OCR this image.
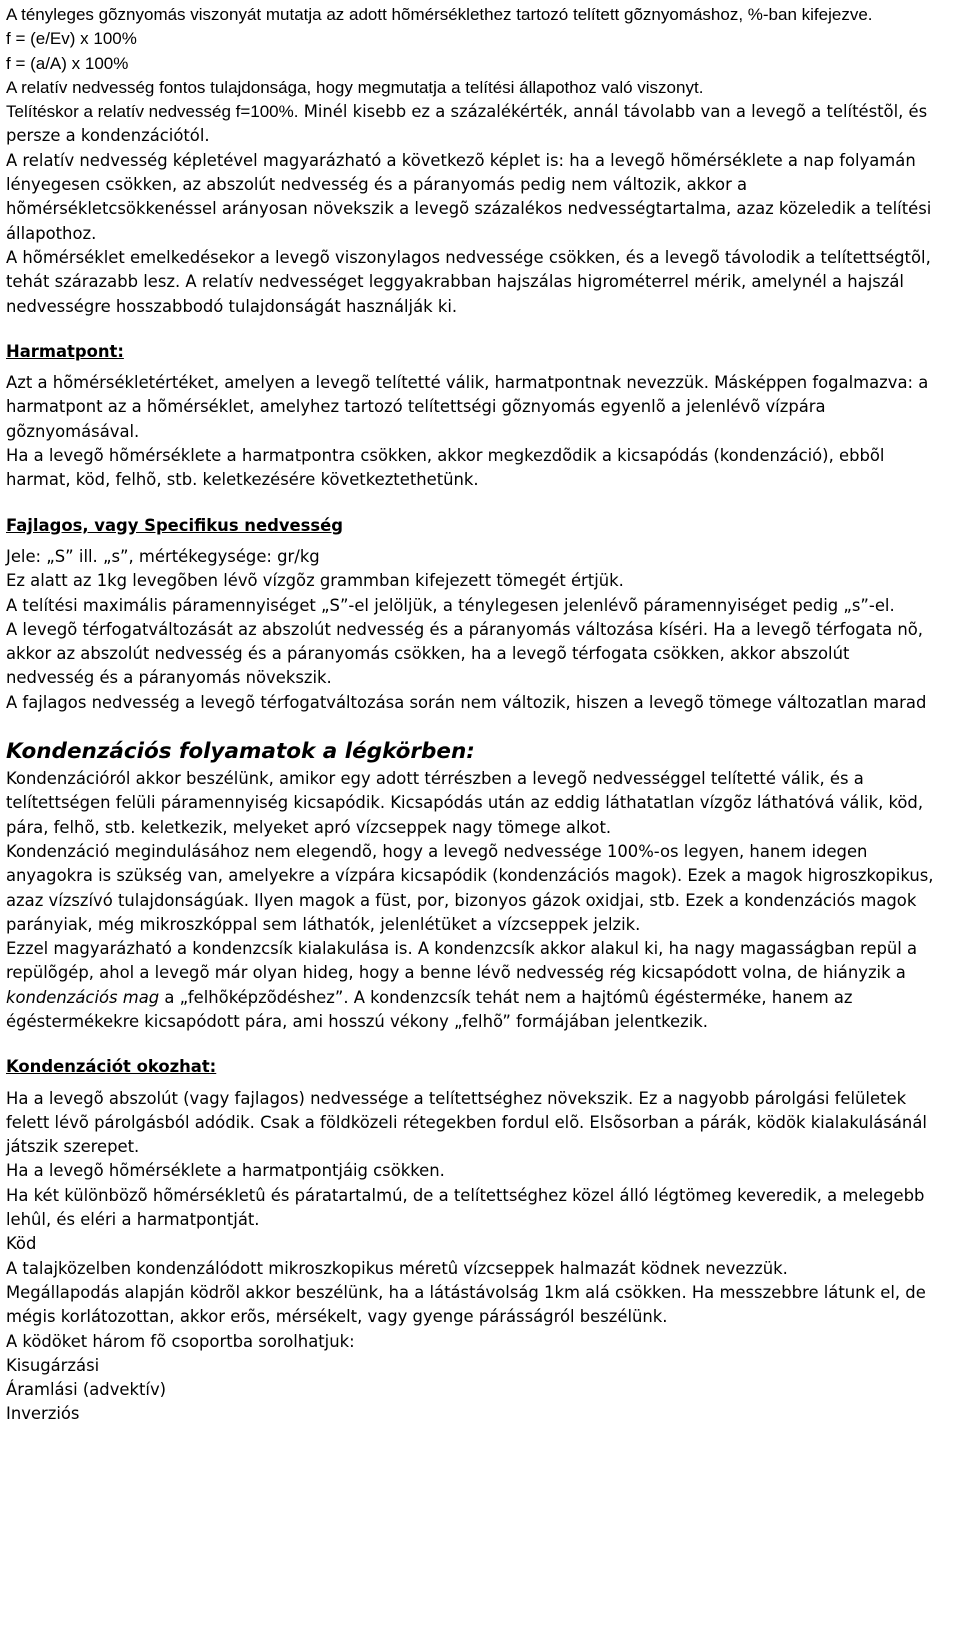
A tényleges gõznyomás viszonyát mutatja az adott hõmérséklethez tartozó telített gõznyomáshoz, %-ban kifejezve.

f = (e/Ev) x 100%

f = (a/A) x 100%

A relatív nedvesség fontos tulajdonsága, hogy megmutatja a telítési állapothoz való viszonyt.

Telítéskor a relatív nedvesség f=100%. Minél kisebb ez a százalékérték, annál távolabb van a levegõ a telítéstõl, és persze a kondenzációtól.

A relatív nedvesség képletével magyarázható a következõ képlet is: ha a levegõ hõmérséklete a nap folyamán lényegesen csökken, az abszolút nedvesség és a páranyomás pedig nem változik, akkor a hõmérsékletcsökkenéssel arányosan növekszik a levegõ százalékos nedvességtartalma, azaz közeledik a telítési állapothoz.

A hõmérséklet emelkedésekor a levegõ viszonylagos nedvessége csökken, és a levegõ távolodik a telítettségtõl, tehát szárazabb lesz. A relatív nedvességet leggyakrabban hajszálas higrométerrel mérik, amelynél a hajszál nedvességre hosszabbodó tulajdonságát használják ki.

Harmatpont:

Azt a hõmérsékletértéket, amelyen a levegõ telítetté válik, harmatpontnak nevezzük. Másképpen fogalmazva: a harmatpont az a hõmérséklet, amelyhez tartozó telítettségi gõznyomás egyenlõ a jelenlévõ vízpára gõznyomásával.

Ha a levegõ hõmérséklete a harmatpontra csökken, akkor megkezdõdik a kicsapódás (kondenzáció), ebbõl harmat, köd, felhõ, stb. keletkezésére következtethetünk.

Fajlagos, vagy Specifikus nedvesség

Jele: „S” ill. „s”, mértékegysége: gr/kg

Ez alatt az 1kg levegõben lévõ vízgõz grammban kifejezett tömegét értjük.

A telítési maximális páramennyiséget „S”-el jelöljük, a ténylegesen jelenlévõ páramennyiséget pedig „s”-el.

A levegõ térfogatváltozását az abszolút nedvesség és a páranyomás változása kíséri. Ha a levegõ térfogata nõ, akkor az abszolút nedvesség és a páranyomás csökken, ha a levegõ térfogata csökken, akkor abszolút nedvesség és a páranyomás növekszik.

A fajlagos nedvesség a levegõ térfogatváltozása során nem változik, hiszen a levegõ tömege változatlan marad

Kondenzációs folyamatok a légkörben:

Kondenzációról akkor beszélünk, amikor egy adott térrészben a levegõ nedvességgel telítetté válik, és a telítettségen felüli páramennyiség kicsapódik. Kicsapódás után az eddig láthatatlan vízgõz láthatóvá válik, köd, pára, felhõ, stb. keletkezik, melyeket apró vízcseppek nagy tömege alkot.

Kondenzáció megindulásához nem elegendõ, hogy a levegõ nedvessége 100%-os legyen, hanem idegen anyagokra is szükség van, amelyekre a vízpára kicsapódik (kondenzációs magok). Ezek a magok higroszkopikus, azaz vízszívó tulajdonságúak. Ilyen magok a füst, por, bizonyos gázok oxidjai, stb. Ezek a kondenzációs magok parányiak, még mikroszkóppal sem láthatók, jelenlétüket a vízcseppek jelzik.

Ezzel magyarázható a kondenzcsík kialakulása is. A kondenzcsík akkor alakul ki, ha nagy magasságban repül a repülõgép, ahol a levegõ már olyan hideg, hogy a benne lévõ nedvesség rég kicsapódott volna, de hiányzik a kondenzációs mag a „felhõképzõdéshez”. A kondenzcsík tehát nem a hajtómû égésterméke, hanem az égéstermékekre kicsapódott pára, ami hosszú vékony „felhõ” formájában jelentkezik.

Kondenzációt okozhat:

Ha a levegõ abszolút (vagy fajlagos) nedvessége a telítettséghez növekszik. Ez a nagyobb párolgási felületek felett lévõ párolgásból adódik. Csak a földközeli rétegekben fordul elõ. Elsõsorban a párák, ködök kialakulásánál játszik szerepet.

Ha a levegõ hõmérséklete a harmatpontjáig csökken.

Ha két különbözõ hõmérsékletû és páratartalmú, de a telítettséghez közel álló légtömeg keveredik, a melegebb lehûl, és eléri a harmatpontját.

Köd

A talajközelben kondenzálódott mikroszkopikus méretû vízcseppek halmazát ködnek nevezzük.

Megállapodás alapján ködrõl akkor beszélünk, ha a látástávolság 1km alá csökken. Ha messzebbre látunk el, de mégis korlátozottan, akkor erõs, mérsékelt, vagy gyenge párásságról beszélünk.

A ködöket három fõ csoportba sorolhatjuk:

Kisugárzási

Áramlási (advektív)

Inverziós
